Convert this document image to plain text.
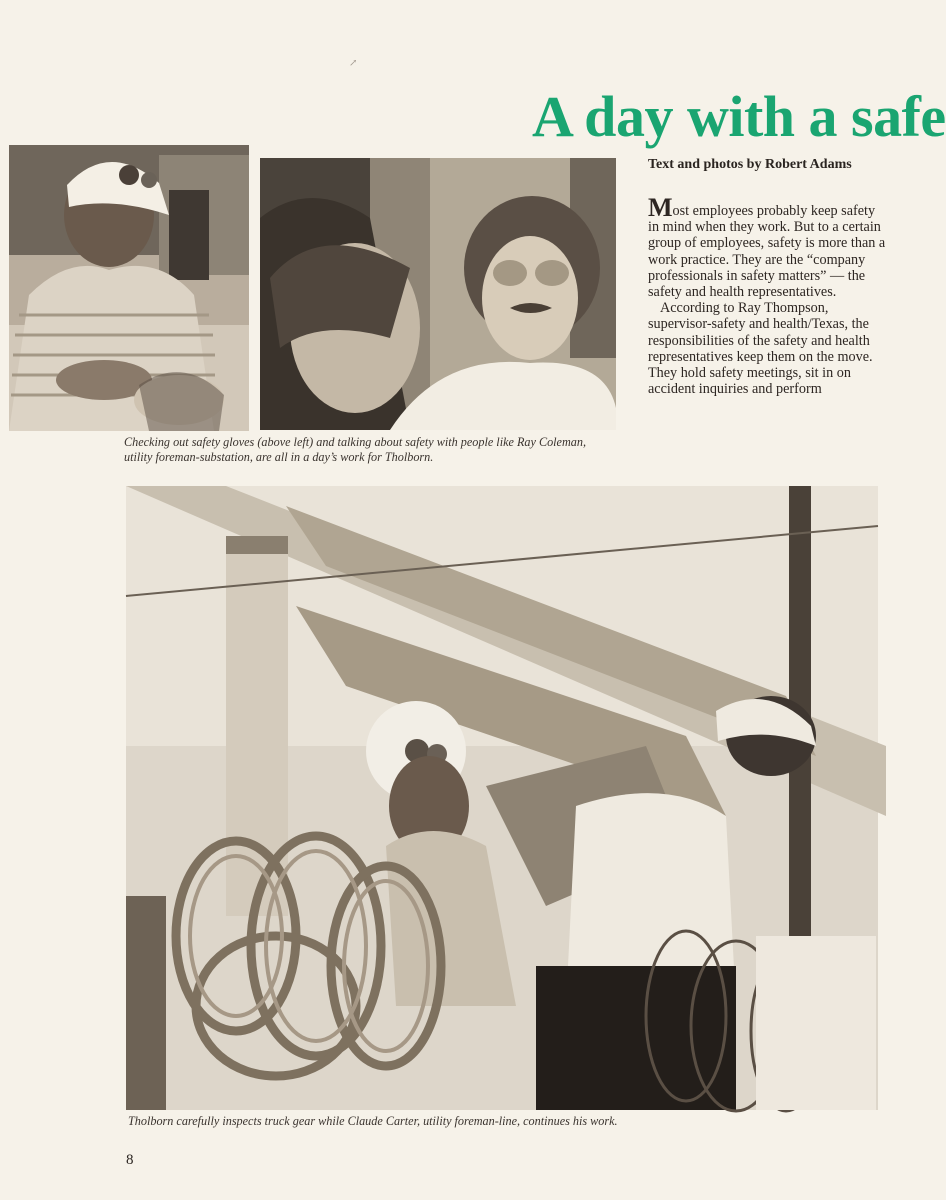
↗
A day with a safe
Text and photos by Robert Adams

Most employees probably keep safety in mind when they work. But to a certain group of employees, safety is more than a work practice. They are the “company professionals in safety matters” — the safety and health representatives.

According to Ray Thompson, supervisor-safety and health/Texas, the responsibilities of the safety and health representatives keep them on the move. They hold safety meetings, sit in on accident inquiries and perform

Checking out safety gloves (above left) and talking about safety with people like Ray Coleman, utility foreman-substation, are all in a day’s work for Tholborn.
Tholborn carefully inspects truck gear while Claude Carter, utility foreman-line, continues his work.
8
